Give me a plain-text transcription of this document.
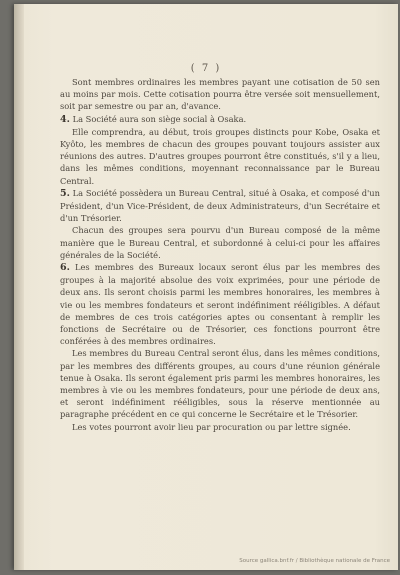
( 7 )

Sont membres ordinaires les membres payant une cotisation de 50 sen au moins par mois. Cette cotisation pourra être versée soit mensuellement, soit par semestre ou par an, d'avance.

4. La Société aura son siège social à Osaka.

Elle comprendra, au début, trois groupes distincts pour Kobe, Osaka et Kyôto, les membres de chacun des groupes pouvant toujours assister aux réunions des autres. D'autres groupes pourront être constitués, s'il y a lieu, dans les mêmes conditions, moyennant reconnaissance par le Bureau Central.

5. La Société possèdera un Bureau Central, situé à Osaka, et composé d'un Président, d'un Vice-Président, de deux Administrateurs, d'un Secrétaire et d'un Trésorier.

Chacun des groupes sera pourvu d'un Bureau composé de la même manière que le Bureau Central, et subordonné à celui-ci pour les affaires générales de la Société.

6. Les membres des Bureaux locaux seront élus par les membres des groupes à la majorité absolue des voix exprimées, pour une période de deux ans. Ils seront choisis parmi les membres honoraires, les membres à vie ou les membres fondateurs et seront indéfiniment rééligibles. A défaut de membres de ces trois catégories aptes ou consentant à remplir les fonctions de Secrétaire ou de Trésorier, ces fonctions pourront être conférées à des membres ordinaires.

Les membres du Bureau Central seront élus, dans les mêmes conditions, par les membres des différents groupes, au cours d'une réunion générale tenue à Osaka. Ils seront également pris parmi les membres honoraires, les membres à vie ou les membres fondateurs, pour une période de deux ans, et seront indéfiniment rééligibles, sous la réserve mentionnée au paragraphe précédent en ce qui concerne le Secrétaire et le Trésorier.

Les votes pourront avoir lieu par procuration ou par lettre signée.

Source gallica.bnf.fr / Bibliothèque nationale de France
